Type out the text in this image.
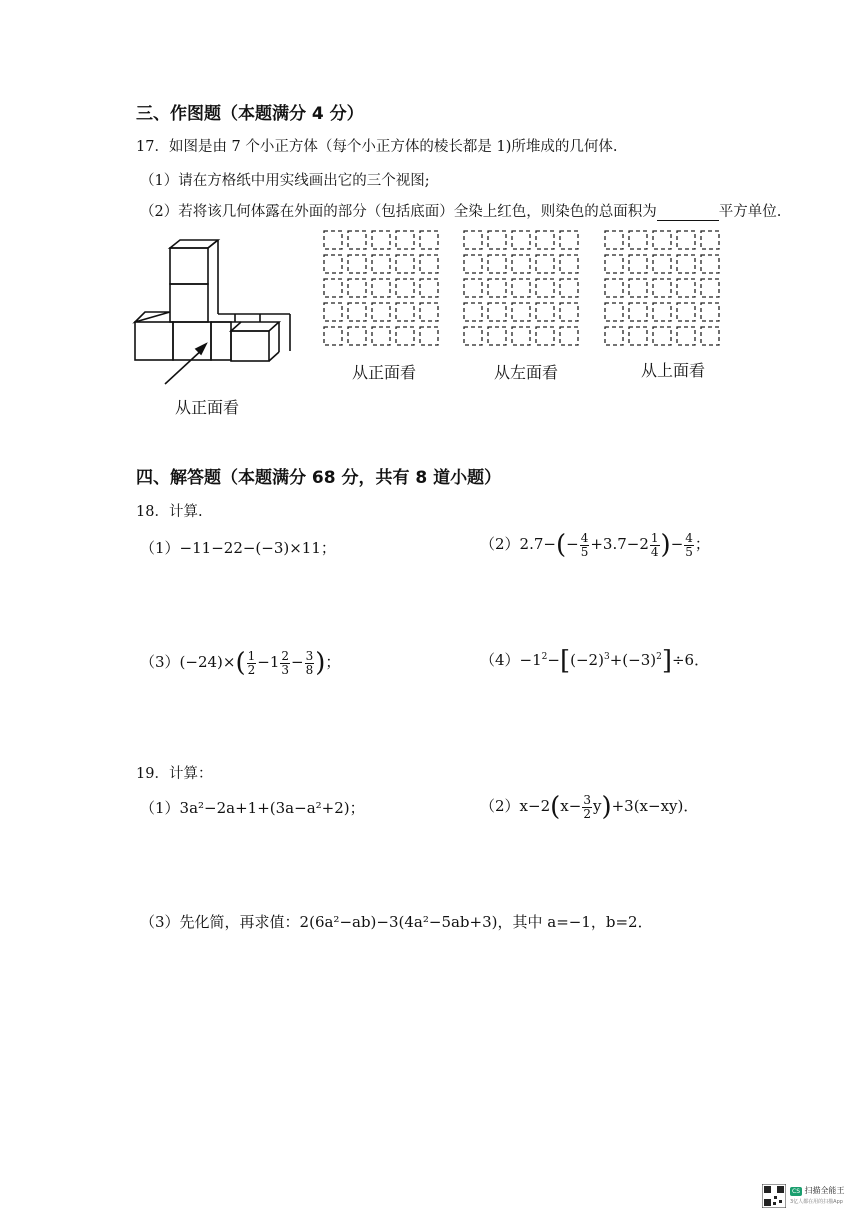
三、作图题（本题满分 4 分）
17．如图是由 7 个小正方体（每个小正方体的棱长都是 1)所堆成的几何体.
（1）请在方格纸中用实线画出它的三个视图;
（2）若将该几何体露在外面的部分（包括底面）全染上红色，则染色的总面积为	平方单位.
从正面看
从正面看	从左面看	从上面看
四、解答题（本题满分 68 分，共有 8 道小题）
18．计算.
（1）−11−22−(−3)×11；	$(2)2.7-(- \frac{4}{5} +3.7-2 \frac{1}{4}$ )− $\frac{4}{5}$ ；
$(3)(-24)\times( \frac{1}{2} -1 \frac{2}{3} - \frac{3}{8}$ )；	$(4)-1^2-[(-2)^3+(-3)^2]\div 6$．
19．计算：
（1）3a²−2a+1+(3a−a²+2)；	$(2)x-2(x- \frac{3}{2} y)+3(x-xy)$．
（3）先化简，再求值：2(6a²−ab)−3(4a²−5ab+3)，其中 a=−1，b=2．
CS 扫描全能王
3亿人都在用的扫描App
